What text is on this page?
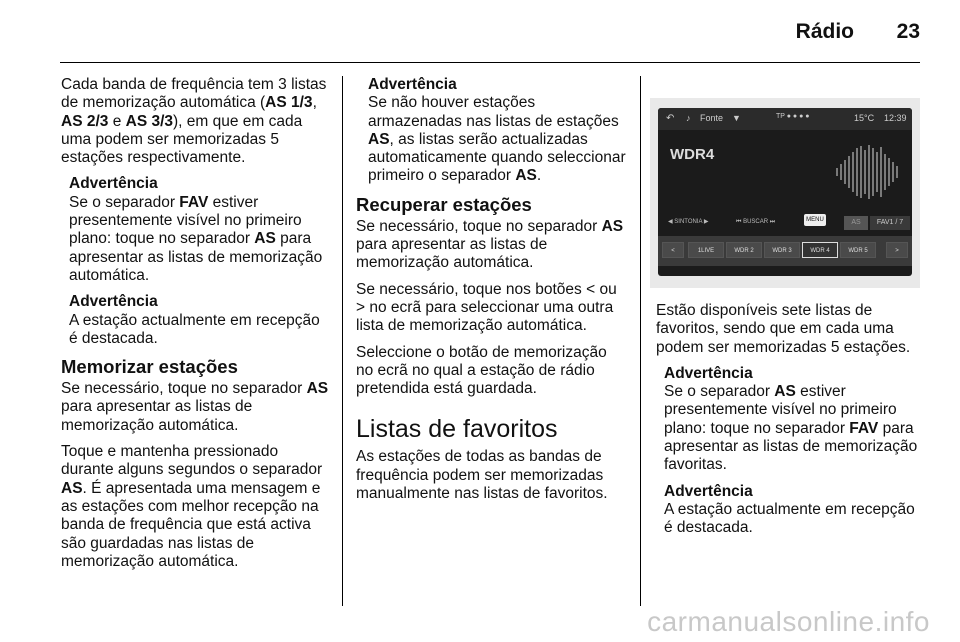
Rádio 23

Cada banda de frequência tem 3 listas de memorização automática (AS 1/3, AS 2/3 e AS 3/3), em que em cada uma podem ser memorizadas 5 estações respectivamente.

Advertência
Se o separador FAV estiver presentemente visível no primeiro plano: toque no separador AS para apresentar as listas de memorização automática.
Advertência
A estação actualmente em recepção é destacada.
Memorizar estações

Se necessário, toque no separador AS para apresentar as listas de memorização automática.

Toque e mantenha pressionado durante alguns segundos o separador AS. É apresentada uma mensagem e as estações com melhor recepção na banda de frequência que está activa são guardadas nas listas de memorização automática.

Advertência
Se não houver estações armazenadas nas listas de estações AS, as listas serão actualizadas automaticamente quando seleccionar primeiro o separador AS.
Recuperar estações

Se necessário, toque no separador AS para apresentar as listas de memorização automática.

Se necessário, toque nos botões < ou > no ecrã para seleccionar uma outra lista de memorização automática.

Seleccione o botão de memorização no ecrã no qual a estação de rádio pretendida está guardada.

Listas de favoritos

As estações de todas as bandas de frequência podem ser memorizadas manualmente nas listas de favoritos.

↶ ♪ Fonte ▼	TP ● ● ● ●	15°C 12:39
WDR4
◀ SINTONIA ▶	⏮ BUSCAR ⏭	MENU	AS	FAV1 / 7
<	1LIVE	WDR 2	WDR 3	WDR 4	WDR 5	>

Estão disponíveis sete listas de favoritos, sendo que em cada uma podem ser memorizadas 5 estações.

Advertência
Se o separador AS estiver presentemente visível no primeiro plano: toque no separador FAV para apresentar as listas de memorização favoritas.
Advertência
A estação actualmente em recepção é destacada.
carmanualsonline.info
